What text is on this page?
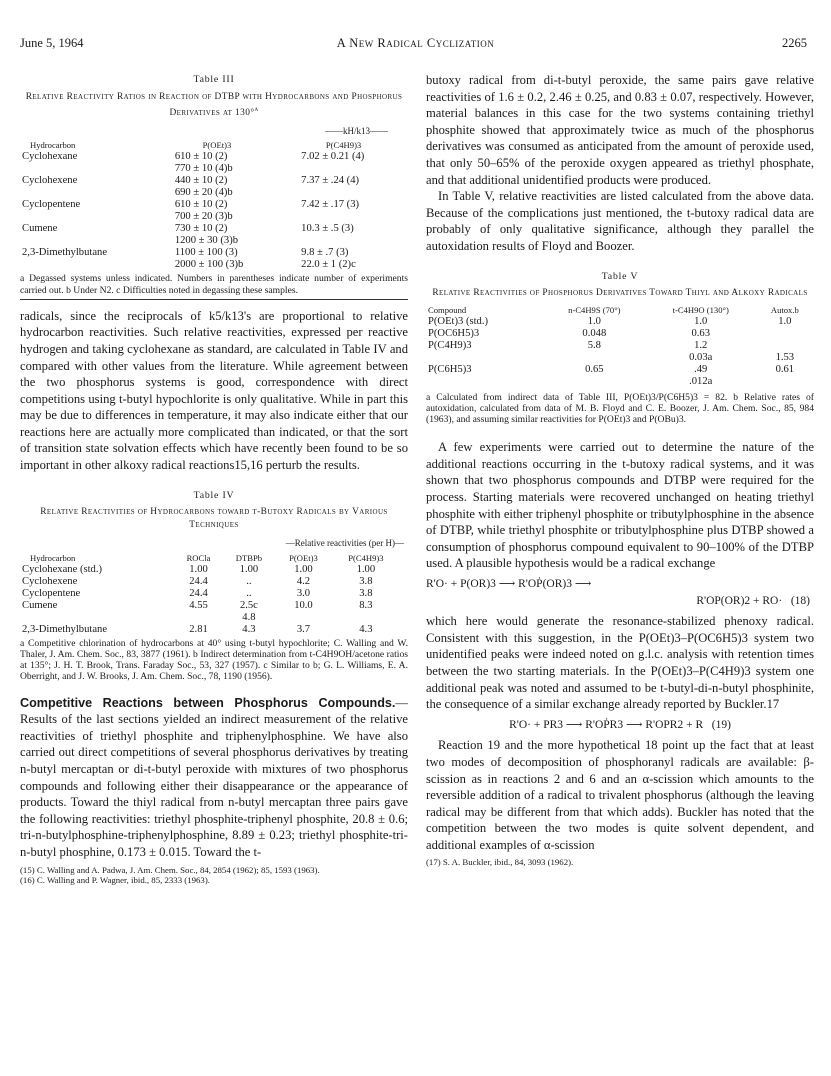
June 5, 1964	A New Radical Cyclization	2265
Table III
Relative Reactivity Ratios in Reaction of DTBP with Hydrocarbons and Phosphorus Derivatives at 130°$^a$
——kH/k13——
Hydrocarbon	P(OEt)3	P(C4H9)3
Cyclohexane	610 ± 10 (2)	7.02 ± 0.21 (4)
	770 ± 10 (4)b	
Cyclohexene	440 ± 10 (2)	7.37 ± .24 (4)
	690 ± 20 (4)b	
Cyclopentene	610 ± 10 (2)	7.42 ± .17 (3)
	700 ± 20 (3)b	
Cumene	730 ± 10 (2)	10.3 ± .5 (3)
	1200 ± 30 (3)b	
2,3-Dimethylbutane	1100 ± 100 (3)	9.8 ± .7 (3)
	2000 ± 100 (3)b	22.0 ± 1 (2)c
a Degassed systems unless indicated. Numbers in parentheses indicate number of experiments carried out. b Under N2. c Difficulties noted in degassing these samples.

radicals, since the reciprocals of k5/k13's are proportional to relative hydrocarbon reactivities. Such relative reactivities, expressed per reactive hydrogen and taking cyclohexane as standard, are calculated in Table IV and compared with other values from the literature. While agreement between the two phosphorus systems is good, correspondence with direct competitions using t-butyl hypochlorite is only qualitative. While in part this may be due to differences in temperature, it may also indicate either that our reactions here are actually more complicated than indicated, or that the sort of transition state solvation effects which have recently been found to be so important in other alkoxy radical reactions15,16 perturb the results.

Table IV
Relative Reactivities of Hydrocarbons toward t-Butoxy Radicals by Various Techniques
—Relative reactivities (per H)—
Hydrocarbon	ROCla	DTBPb	P(OEt)3	P(C4H9)3
Cyclohexane (std.)	1.00	1.00	1.00	1.00
Cyclohexene	24.4	..	4.2	3.8
Cyclopentene	24.4	..	3.0	3.8
Cumene	4.55	2.5c	10.0	8.3
		4.8		
2,3-Dimethylbutane	2.81	4.3	3.7	4.3
a Competitive chlorination of hydrocarbons at 40° using t-butyl hypochlorite; C. Walling and W. Thaler, J. Am. Chem. Soc., 83, 3877 (1961). b Indirect determination from t-C4H9OH/acetone ratios at 135°; J. H. T. Brook, Trans. Faraday Soc., 53, 327 (1957). c Similar to b; G. L. Williams, E. A. Oberright, and J. W. Brooks, J. Am. Chem. Soc., 78, 1190 (1956).

Competitive Reactions between Phosphorus Compounds.—Results of the last sections yielded an indirect measurement of the relative reactivities of triethyl phosphite and triphenylphosphine. We have also carried out direct competitions of several phosphorus derivatives by treating n-butyl mercaptan or di-t-butyl peroxide with mixtures of two phosphorus compounds and following either their disappearance or the appearance of products. Toward the thiyl radical from n-butyl mercaptan three pairs gave the following reactivities: triethyl phosphite-triphenyl phosphite, 20.8 ± 0.6; tri-n-butylphosphine-triphenylphosphine, 8.89 ± 0.23; triethyl phosphite-tri-n-butyl phosphine, 0.173 ± 0.015. Toward the t-

(15) C. Walling and A. Padwa, J. Am. Chem. Soc., 84, 2854 (1962); 85, 1593 (1963).
(16) C. Walling and P. Wagner, ibid., 85, 2333 (1963).

butoxy radical from di-t-butyl peroxide, the same pairs gave relative reactivities of 1.6 ± 0.2, 2.46 ± 0.25, and 0.83 ± 0.07, respectively. However, material balances in this case for the two systems containing triethyl phosphite showed that approximately twice as much of the phosphorus derivatives was consumed as anticipated from the amount of peroxide used, that only 50–65% of the peroxide oxygen appeared as triethyl phosphate, and that additional unidentified products were produced.

In Table V, relative reactivities are listed calculated from the above data. Because of the complications just mentioned, the t-butoxy radical data are probably of only qualitative significance, although they parallel the autoxidation results of Floyd and Boozer.

Table V
Relative Reactivities of Phosphorus Derivatives Toward Thiyl and Alkoxy Radicals
Compound	n-C4H9S (70°)	t-C4H9O (130°)	Autox.b
P(OEt)3 (std.)	1.0	1.0	1.0
P(OC6H5)3	0.048	0.63	
P(C4H9)3	5.8	1.2	
		0.03a	1.53
P(C6H5)3	0.65	.49	0.61
		.012a	
a Calculated from indirect data of Table III, P(OEt)3/P(C6H5)3 = 82. b Relative rates of autoxidation, calculated from data of M. B. Floyd and C. E. Boozer, J. Am. Chem. Soc., 85, 984 (1963), and assuming similar reactivities for P(OEt)3 and P(OBu)3.

A few experiments were carried out to determine the nature of the additional reactions occurring in the t-butoxy radical systems, and it was shown that two phosphorus compounds and DTBP were required for the process. Starting materials were recovered unchanged on heating triethyl phosphite with either triphenyl phosphite or tributylphosphine in the absence of DTBP, while triethyl phosphite or tributylphosphine plus DTBP showed a consumption of phosphorus compound equivalent to 90–100% of the DTBP used. A plausible hypothesis would be a radical exchange

R'O· + P(OR)3 ⟶ R'OṖ(OR)3 ⟶
R'OP(OR)2 + RO· (18)

which here would generate the resonance-stabilized phenoxy radical. Consistent with this suggestion, in the P(OEt)3–P(OC6H5)3 system two unidentified peaks were indeed noted on g.l.c. analysis with retention times between the two starting materials. In the P(OEt)3–P(C4H9)3 system one additional peak was noted and assumed to be t-butyl-di-n-butyl phosphinite, the consequence of a similar exchange already reported by Buckler.17

R'O· + PR3 ⟶ R'OṖR3 ⟶ R'OPR2 + R (19)

Reaction 19 and the more hypothetical 18 point up the fact that at least two modes of decomposition of phosphoranyl radicals are available: β-scission as in reactions 2 and 6 and an α-scission which amounts to the reversible addition of a radical to trivalent phosphorus (although the leaving radical may be different from that which adds). Buckler has noted that the competition between the two modes is quite solvent dependent, and additional examples of α-scission

(17) S. A. Buckler, ibid., 84, 3093 (1962).
